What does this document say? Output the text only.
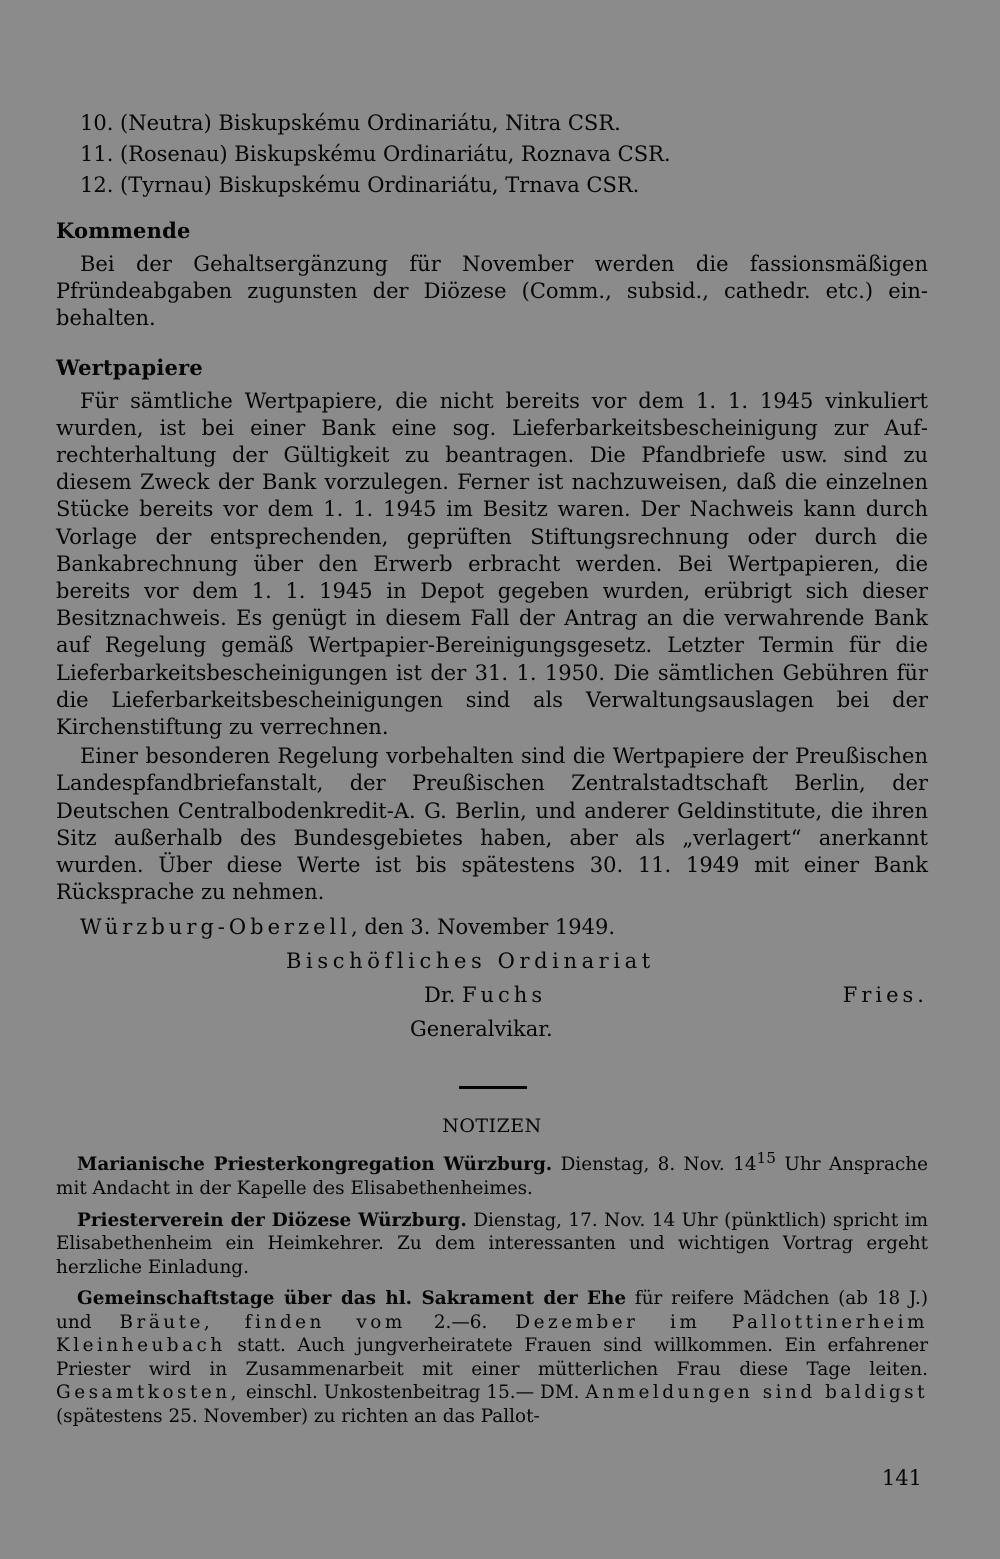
10. (Neutra) Biskupskému Ordinariátu, Nitra CSR.
11. (Rosenau) Biskupskému Ordinariátu, Roznava CSR.
12. (Tyrnau) Biskupskému Ordinariátu, Trnava CSR.
Kommende

Bei der Gehaltsergänzung für November werden die fassionsmäßigen Pfründeabgaben zugunsten der Diözese (Comm., subsid., cathedr. etc.) einbehalten.

Wertpapiere

Für sämtliche Wertpapiere, die nicht bereits vor dem 1. 1. 1945 vinkuliert wurden, ist bei einer Bank eine sog. Lieferbarkeitsbescheinigung zur Aufrechterhaltung der Gültigkeit zu beantragen. Die Pfandbriefe usw. sind zu diesem Zweck der Bank vorzulegen. Ferner ist nachzuweisen, daß die einzelnen Stücke bereits vor dem 1. 1. 1945 im Besitz waren. Der Nachweis kann durch Vorlage der entsprechenden, geprüften Stiftungsrechnung oder durch die Bankabrechnung über den Erwerb erbracht werden. Bei Wertpapieren, die bereits vor dem 1. 1. 1945 in Depot gegeben wurden, erübrigt sich dieser Besitznachweis. Es genügt in diesem Fall der Antrag an die verwahrende Bank auf Regelung gemäß Wertpapier-Bereinigungsgesetz. Letzter Termin für die Lieferbarkeitsbescheinigungen ist der 31. 1. 1950. Die sämtlichen Gebühren für die Lieferbarkeitsbescheinigungen sind als Verwaltungsauslagen bei der Kirchenstiftung zu verrechnen.

Einer besonderen Regelung vorbehalten sind die Wertpapiere der Preußischen Landespfandbriefanstalt, der Preußischen Zentralstadtschaft Berlin, der Deutschen Centralbodenkredit-A. G. Berlin, und anderer Geldinstitute, die ihren Sitz außerhalb des Bundesgebietes haben, aber als „verlagert“ anerkannt wurden. Über diese Werte ist bis spätestens 30. 11. 1949 mit einer Bank Rücksprache zu nehmen.

Würzburg-Oberzell, den 3. November 1949.
Bischöfliches Ordinariat
Dr. Fuchs	Fries.
Generalvikar.
NOTIZEN

Marianische Priesterkongregation Würzburg. Dienstag, 8. Nov. $14^{15}$ Uhr Ansprache mit Andacht in der Kapelle des Elisabethenheimes.

Priesterverein der Diözese Würzburg. Dienstag, 17. Nov. 14 Uhr (pünktlich) spricht im Elisabethenheim ein Heimkehrer. Zu dem interessanten und wichtigen Vortrag ergeht herzliche Einladung.

Gemeinschaftstage über das hl. Sakrament der Ehe für reifere Mädchen (ab 18 J.) und Bräute, finden vom 2.—6. Dezember im Pallottinerheim Kleinheubach statt. Auch jungverheiratete Frauen sind willkommen. Ein erfahrener Priester wird in Zusammenarbeit mit einer mütterlichen Frau diese Tage leiten. Gesamtkosten, einschl. Unkostenbeitrag 15.— DM. Anmeldungen sind baldigst (spätestens 25. November) zu richten an das Pallot-

141
